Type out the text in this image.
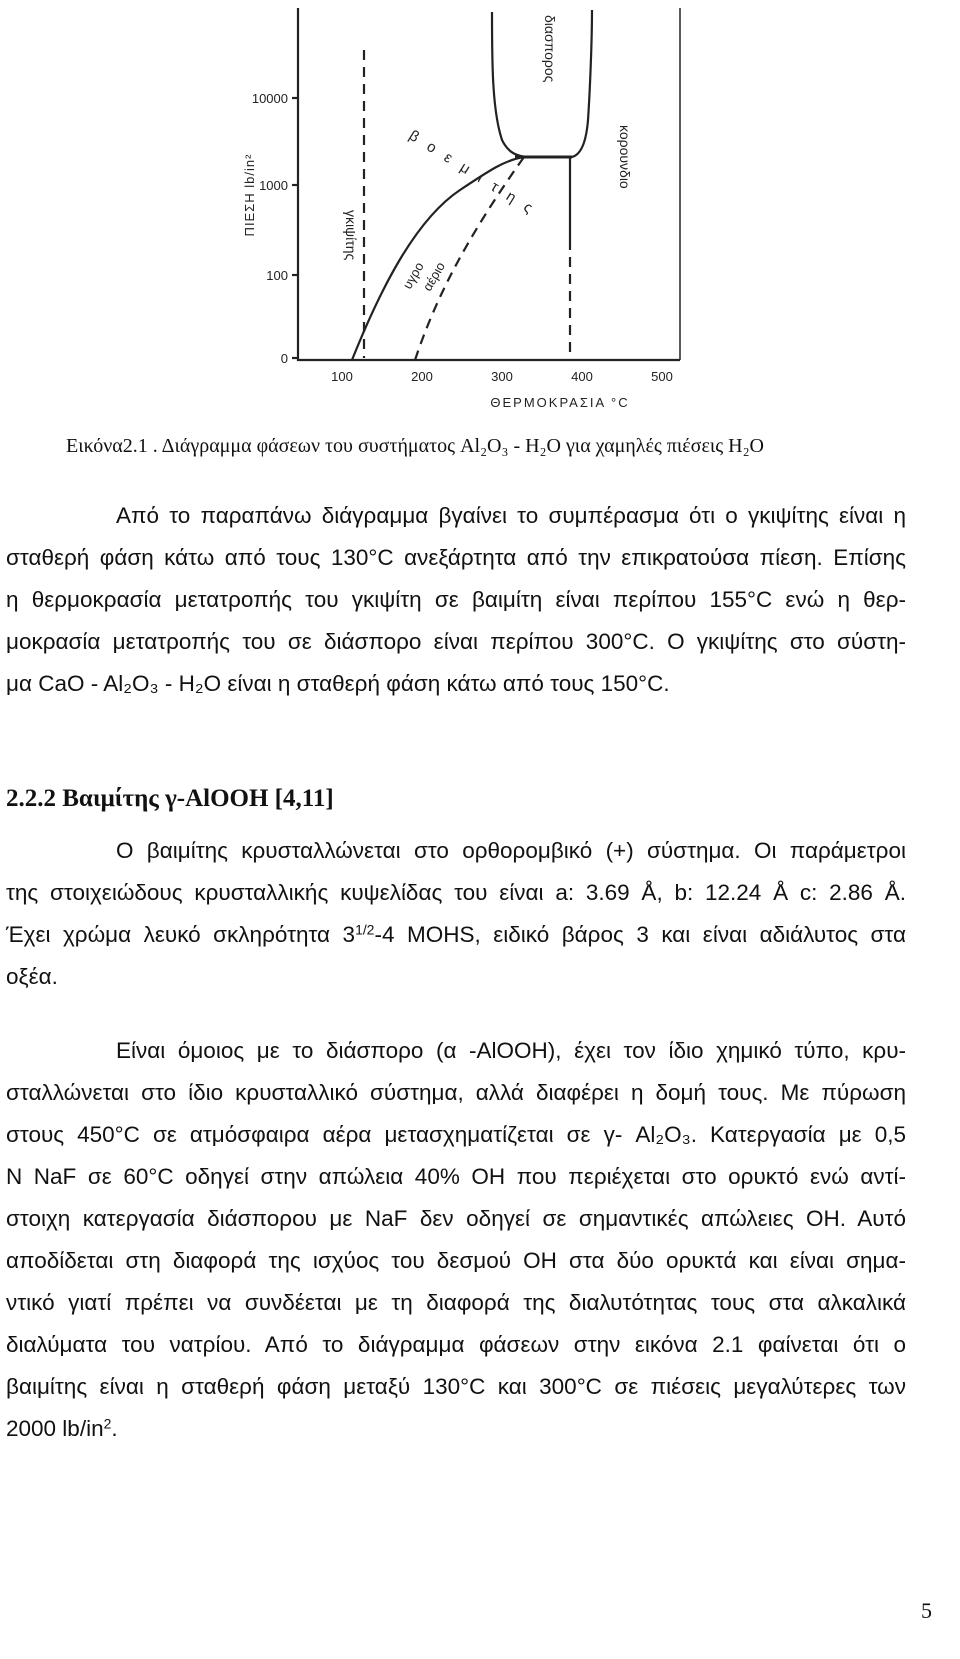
10000
1000
100
0
100	200	300	400	500
ΘΕΡΜΟΚΡΑΣΙΑ °C
ΠΙΕΣΗ lb/in²	γκιψίτης
β ο ε μ ι τ η ς
διασπορος
κορουνδιο
υγρο
αέριο
Εικόνα2.1 . Διάγραμμα φάσεων του συστήματος Al₂O₃ - H₂O για χαμηλές πιέσεις H₂O
Από το παραπάνω διάγραμμα βγαίνει το συμπέρασμα ότι ο γκιψίτης είναι η
σταθερή φάση κάτω από τους 130°C ανεξάρτητα από την επικρατούσα πίεση. Επίσης
η θερμοκρασία μετατροπής του γκιψίτη σε βαιμίτη είναι περίπου 155°C ενώ η θερ-
μοκρασία μετατροπής του σε διάσπορο είναι περίπου 300°C. Ο γκιψίτης στο σύστη-
μα CaO - Al₂O₃ - H₂O είναι η σταθερή φάση κάτω από τους 150°C.
2.2.2 Βαιμίτης γ-AlOOH [4,11]
Ο βαιμίτης κρυσταλλώνεται στο ορθορομβικό (+) σύστημα. Οι παράμετροι
της στοιχειώδους κρυσταλλικής κυψελίδας του είναι a: 3.69 Å, b: 12.24 Å c: 2.86 Å.
Έχει χρώμα λευκό σκληρότητα $3^{1/2}-4$ MOHS, ειδικό βάρος 3 και είναι αδιάλυτος στα
οξέα.
Είναι όμοιος με το διάσπορο (α -AlOOH), έχει τον ίδιο χημικό τύπο, κρυ-
σταλλώνεται στο ίδιο κρυσταλλικό σύστημα, αλλά διαφέρει η δομή τους. Με πύρωση
στους 450°C σε ατμόσφαιρα αέρα μετασχηματίζεται σε γ- Al₂O₃. Κατεργασία με 0,5
N NaF σε 60°C οδηγεί στην απώλεια 40% OH που περιέχεται στο ορυκτό ενώ αντί-
στοιχη κατεργασία διάσπορου με NaF δεν οδηγεί σε σημαντικές απώλειες ΟΗ. Αυτό
αποδίδεται στη διαφορά της ισχύος του δεσμού ΟΗ στα δύο ορυκτά και είναι σημα-
ντικό γιατί πρέπει να συνδέεται με τη διαφορά της διαλυτότητας τους στα αλκαλικά
διαλύματα του νατρίου. Από το διάγραμμα φάσεων στην εικόνα 2.1 φαίνεται ότι ο
βαιμίτης είναι η σταθερή φάση μεταξύ 130°C και 300°C σε πιέσεις μεγαλύτερες των
2000 $lb/in^2$.
5
